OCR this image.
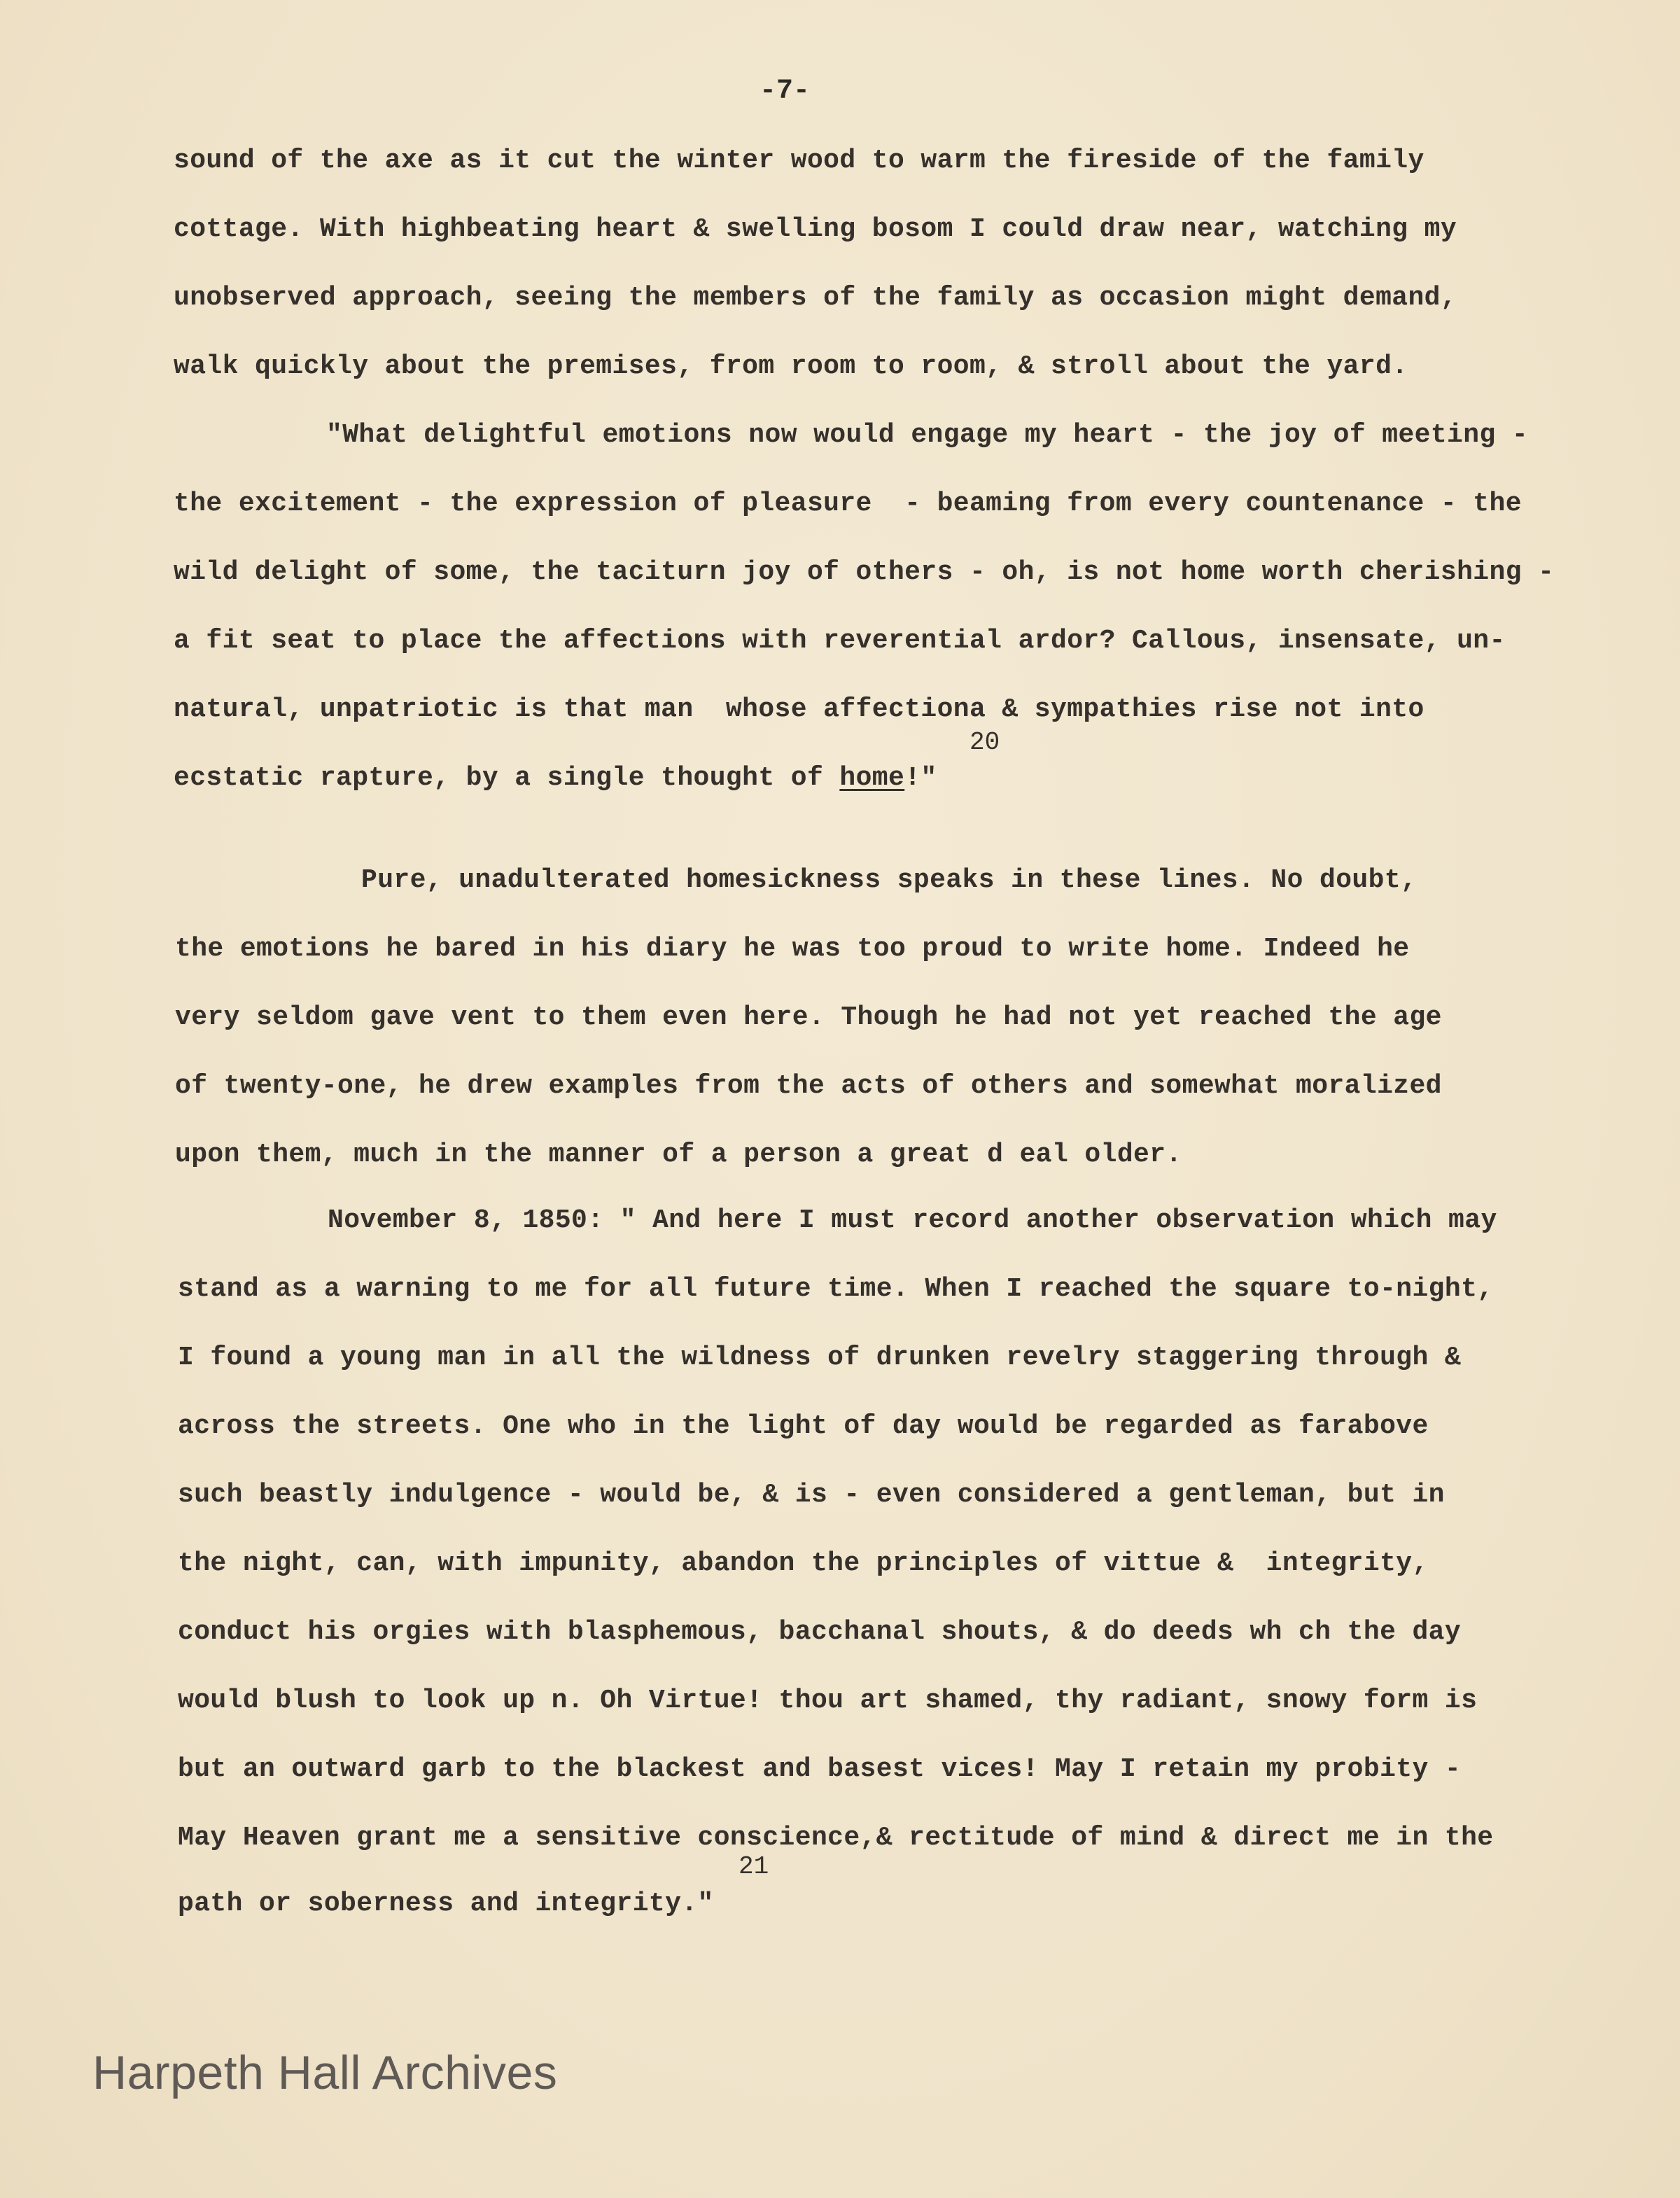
-7-
sound of the axe as it cut the winter wood to warm the fireside of the family
cottage. With highbeating heart & swelling bosom I could draw near, watching my
unobserved approach, seeing the members of the family as occasion might demand,
walk quickly about the premises, from room to room, & stroll about the yard.
"What delightful emotions now would engage my heart - the joy of meeting -
the excitement - the expression of pleasure  - beaming from every countenance - the
wild delight of some, the taciturn joy of others - oh, is not home worth cherishing -
a fit seat to place the affections with reverential ardor? Callous, insensate, un-
natural, unpatriotic is that man  whose affectiona & sympathies rise not into
20
ecstatic rapture, by a single thought of home!"
Pure, unadulterated homesickness speaks in these lines. No doubt,
the emotions he bared in his diary he was too proud to write home. Indeed he
very seldom gave vent to them even here. Though he had not yet reached the age
of twenty-one, he drew examples from the acts of others and somewhat moralized
upon them, much in the manner of a person a great d eal older.
November 8, 1850: " And here I must record another observation which may
stand as a warning to me for all future time. When I reached the square to-night,
I found a young man in all the wildness of drunken revelry staggering through &
across the streets. One who in the light of day would be regarded as farabove
such beastly indulgence - would be, & is - even considered a gentleman, but in
the night, can, with impunity, abandon the principles of vittue &  integrity,
conduct his orgies with blasphemous, bacchanal shouts, & do deeds wh ch the day
would blush to look up n. Oh Virtue! thou art shamed, thy radiant, snowy form is
but an outward garb to the blackest and basest vices! May I retain my probity -
May Heaven grant me a sensitive conscience,& rectitude of mind & direct me in the
21
path or soberness and integrity."
Harpeth Hall Archives
